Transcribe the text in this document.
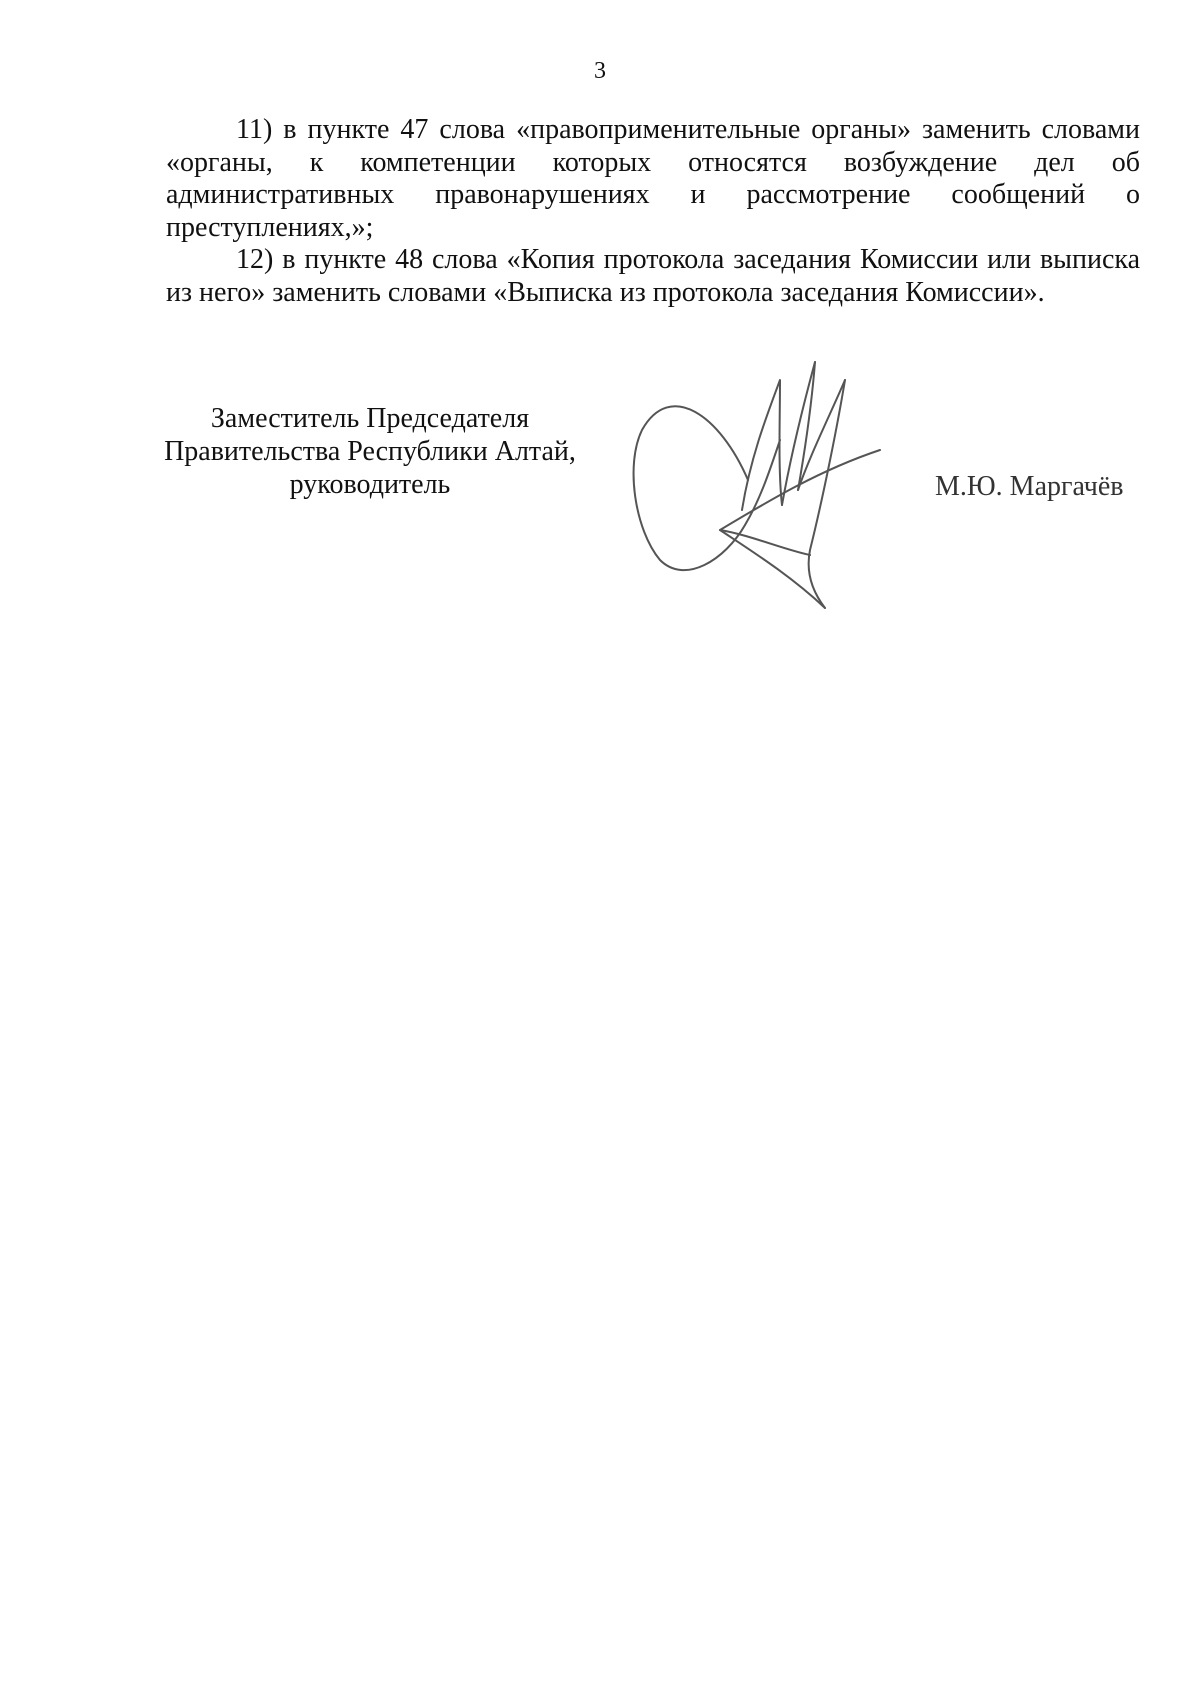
3

11) в пункте 47 слова «правоприменительные органы» заменить словами «органы, к компетенции которых относятся возбуждение дел об административных правонарушениях и рассмотрение сообщений о преступлениях,»;

12) в пункте 48 слова «Копия протокола заседания Комиссии или выписка из него» заменить словами «Выписка из протокола заседания Комиссии».

Заместитель Председателя
Правительства Республики Алтай,
руководитель	М.Ю. Маргачёв
